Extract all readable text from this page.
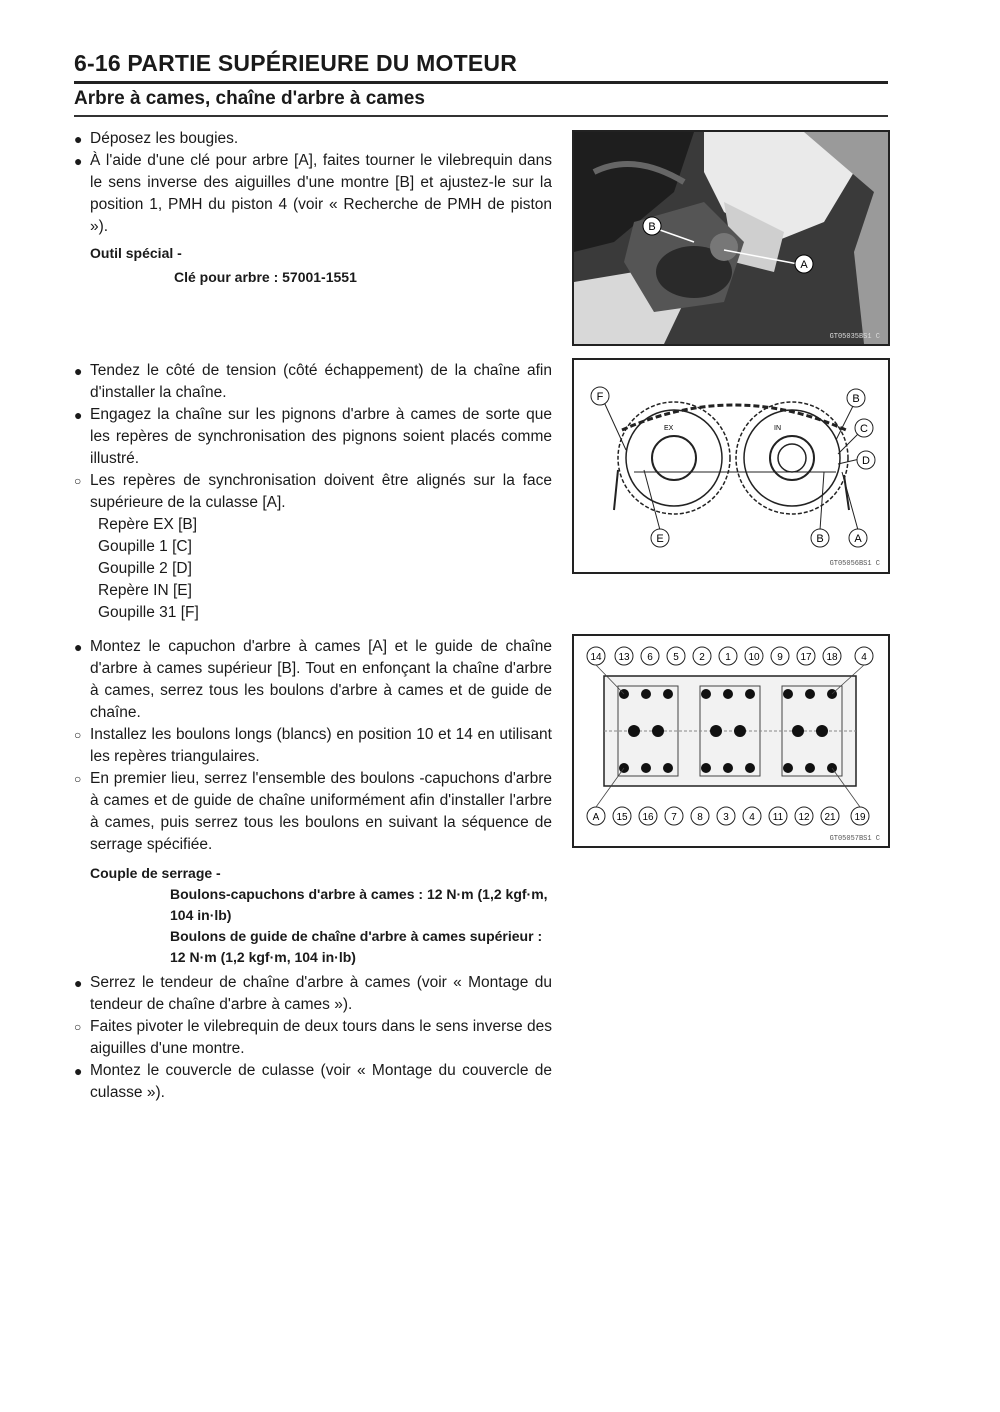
6-16 PARTIE SUPÉRIEURE DU MOTEUR
Arbre à cames, chaîne d'arbre à cames

● Déposez les bougies.

● À l'aide d'une clé pour arbre [A], faites tourner le vilebrequin dans le sens inverse des aiguilles d'une montre [B] et ajustez-le sur la position 1, PMH du piston 4 (voir « Recherche de PMH de piston »).

Outil spécial -
Clé pour arbre : 57001-1551
B
A
GT05035BS1 C

● Tendez le côté de tension (côté échappement) de la chaîne afin d'installer la chaîne.

● Engagez la chaîne sur les pignons d'arbre à cames de sorte que les repères de synchronisation des pignons soient placés comme illustré.

○ Les repères de synchronisation doivent être alignés sur la face supérieure de la culasse [A].

Repère EX [B]
Goupille 1 [C]
Goupille 2 [D]
Repère IN [E]
Goupille 31 [F]
EX	IN
F	B
C
D
E	B	A
GT05056BS1 C

● Montez le capuchon d'arbre à cames [A] et le guide de chaîne d'arbre à cames supérieur [B]. Tout en enfonçant la chaîne d'arbre à cames, serrez tous les boulons d'arbre à cames et de guide de chaîne.

○ Installez les boulons longs (blancs) en position 10 et 14 en utilisant les repères triangulaires.

○ En premier lieu, serrez l'ensemble des boulons -capuchons d'arbre à cames et de guide de chaîne uniformément afin d'installer l'arbre à cames, puis serrez tous les boulons en suivant la séquence de serrage spécifiée.

Couple de serrage -
Boulons-capuchons d'arbre à cames : 12 N·m (1,2 kgf·m, 104 in·lb)
Boulons de guide de chaîne d'arbre à cames supérieur : 12 N·m (1,2 kgf·m, 104 in·lb)

● Serrez le tendeur de chaîne d'arbre à cames (voir « Montage du tendeur de chaîne d'arbre à cames »).

○ Faites pivoter le vilebrequin de deux tours dans le sens inverse des aiguilles d'une montre.

● Montez le couvercle de culasse (voir « Montage du couvercle de culasse »).

14 13 6 5 2 1 10 9 17 18 4
A 15 16 7 8 3 4 11 12 21 19
GT05057BS1 C
